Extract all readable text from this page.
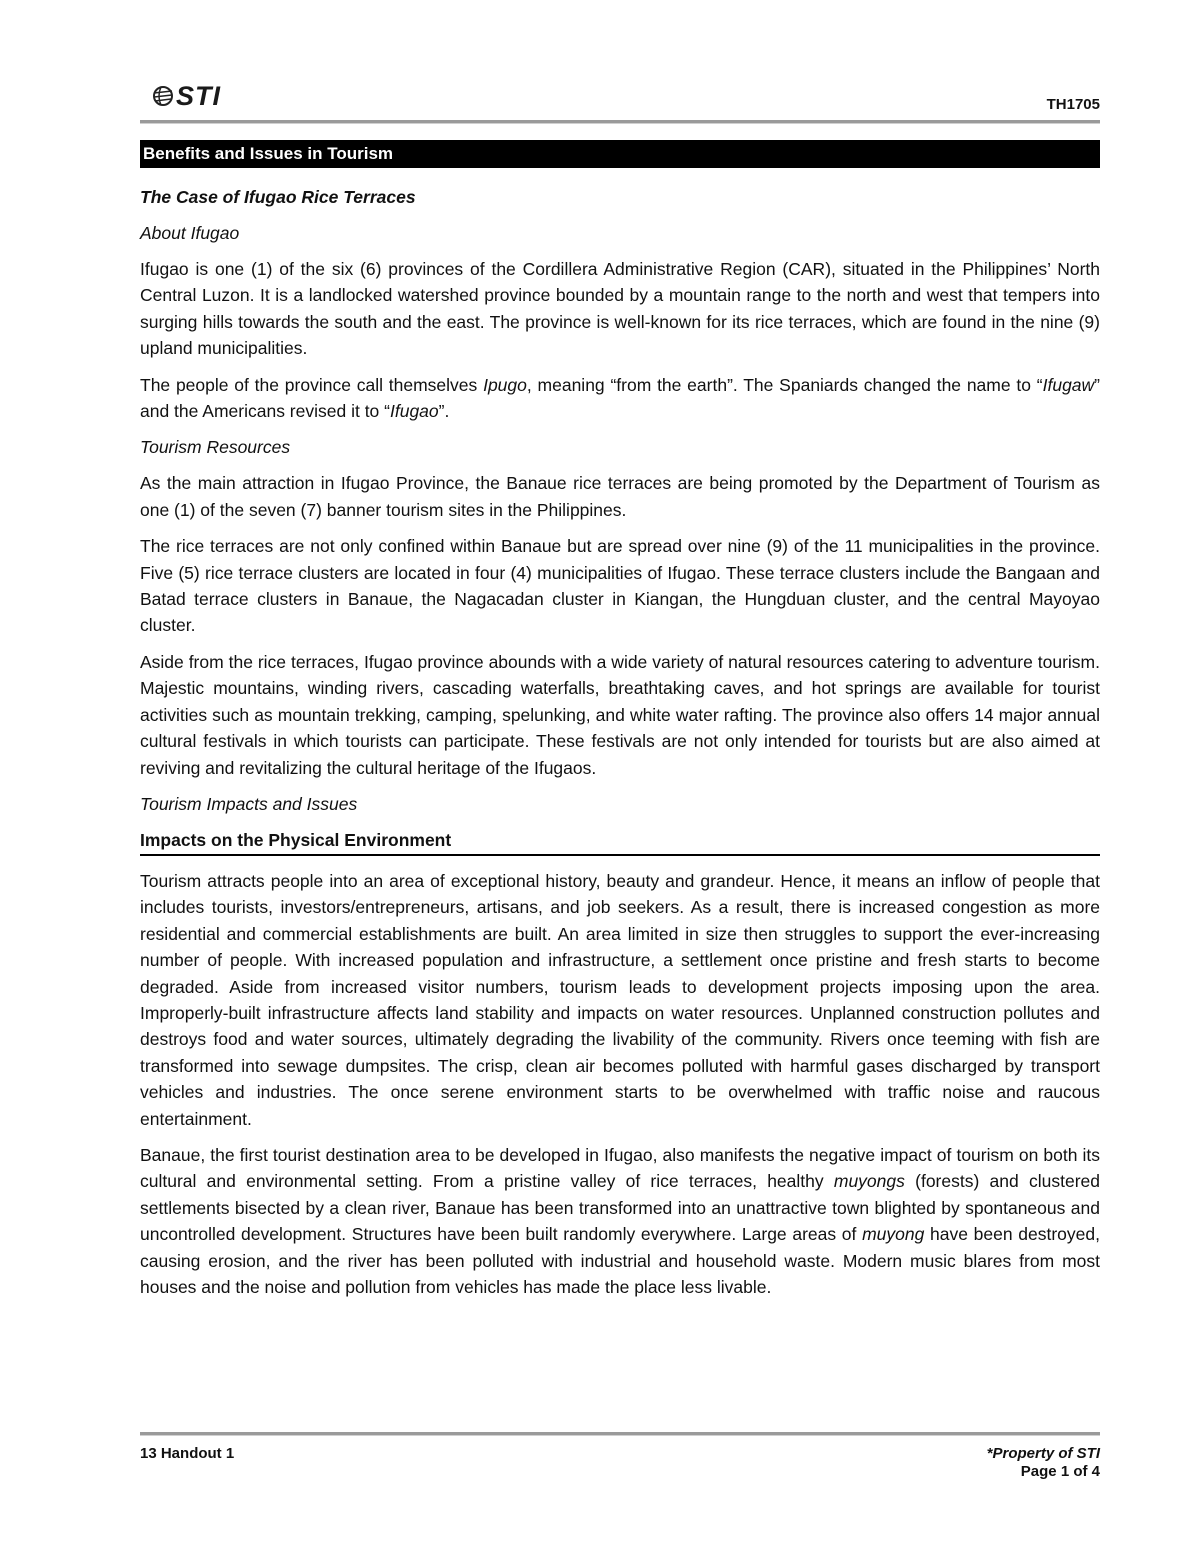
STI	TH1705
Benefits and Issues in Tourism

The Case of Ifugao Rice Terraces

About Ifugao

Ifugao is one (1) of the six (6) provinces of the Cordillera Administrative Region (CAR), situated in the Philippines’ North Central Luzon. It is a landlocked watershed province bounded by a mountain range to the north and west that tempers into surging hills towards the south and the east. The province is well-known for its rice terraces, which are found in the nine (9) upland municipalities.

The people of the province call themselves Ipugo, meaning “from the earth”. The Spaniards changed the name to “Ifugaw” and the Americans revised it to “Ifugao”.

Tourism Resources

As the main attraction in Ifugao Province, the Banaue rice terraces are being promoted by the Department of Tourism as one (1) of the seven (7) banner tourism sites in the Philippines.

The rice terraces are not only confined within Banaue but are spread over nine (9) of the 11 municipalities in the province. Five (5) rice terrace clusters are located in four (4) municipalities of Ifugao. These terrace clusters include the Bangaan and Batad terrace clusters in Banaue, the Nagacadan cluster in Kiangan, the Hungduan cluster, and the central Mayoyao cluster.

Aside from the rice terraces, Ifugao province abounds with a wide variety of natural resources catering to adventure tourism. Majestic mountains, winding rivers, cascading waterfalls, breathtaking caves, and hot springs are available for tourist activities such as mountain trekking, camping, spelunking, and white water rafting. The province also offers 14 major annual cultural festivals in which tourists can participate. These festivals are not only intended for tourists but are also aimed at reviving and revitalizing the cultural heritage of the Ifugaos.

Tourism Impacts and Issues

Impacts on the Physical Environment

Tourism attracts people into an area of exceptional history, beauty and grandeur. Hence, it means an inflow of people that includes tourists, investors/entrepreneurs, artisans, and job seekers. As a result, there is increased congestion as more residential and commercial establishments are built. An area limited in size then struggles to support the ever-increasing number of people. With increased population and infrastructure, a settlement once pristine and fresh starts to become degraded. Aside from increased visitor numbers, tourism leads to development projects imposing upon the area. Improperly-built infrastructure affects land stability and impacts on water resources. Unplanned construction pollutes and destroys food and water sources, ultimately degrading the livability of the community. Rivers once teeming with fish are transformed into sewage dumpsites. The crisp, clean air becomes polluted with harmful gases discharged by transport vehicles and industries. The once serene environment starts to be overwhelmed with traffic noise and raucous entertainment.

Banaue, the first tourist destination area to be developed in Ifugao, also manifests the negative impact of tourism on both its cultural and environmental setting. From a pristine valley of rice terraces, healthy muyongs (forests) and clustered settlements bisected by a clean river, Banaue has been transformed into an unattractive town blighted by spontaneous and uncontrolled development. Structures have been built randomly everywhere. Large areas of muyong have been destroyed, causing erosion, and the river has been polluted with industrial and household waste. Modern music blares from most houses and the noise and pollution from vehicles has made the place less livable.

13 Handout 1	*Property of STI
Page 1 of 4
